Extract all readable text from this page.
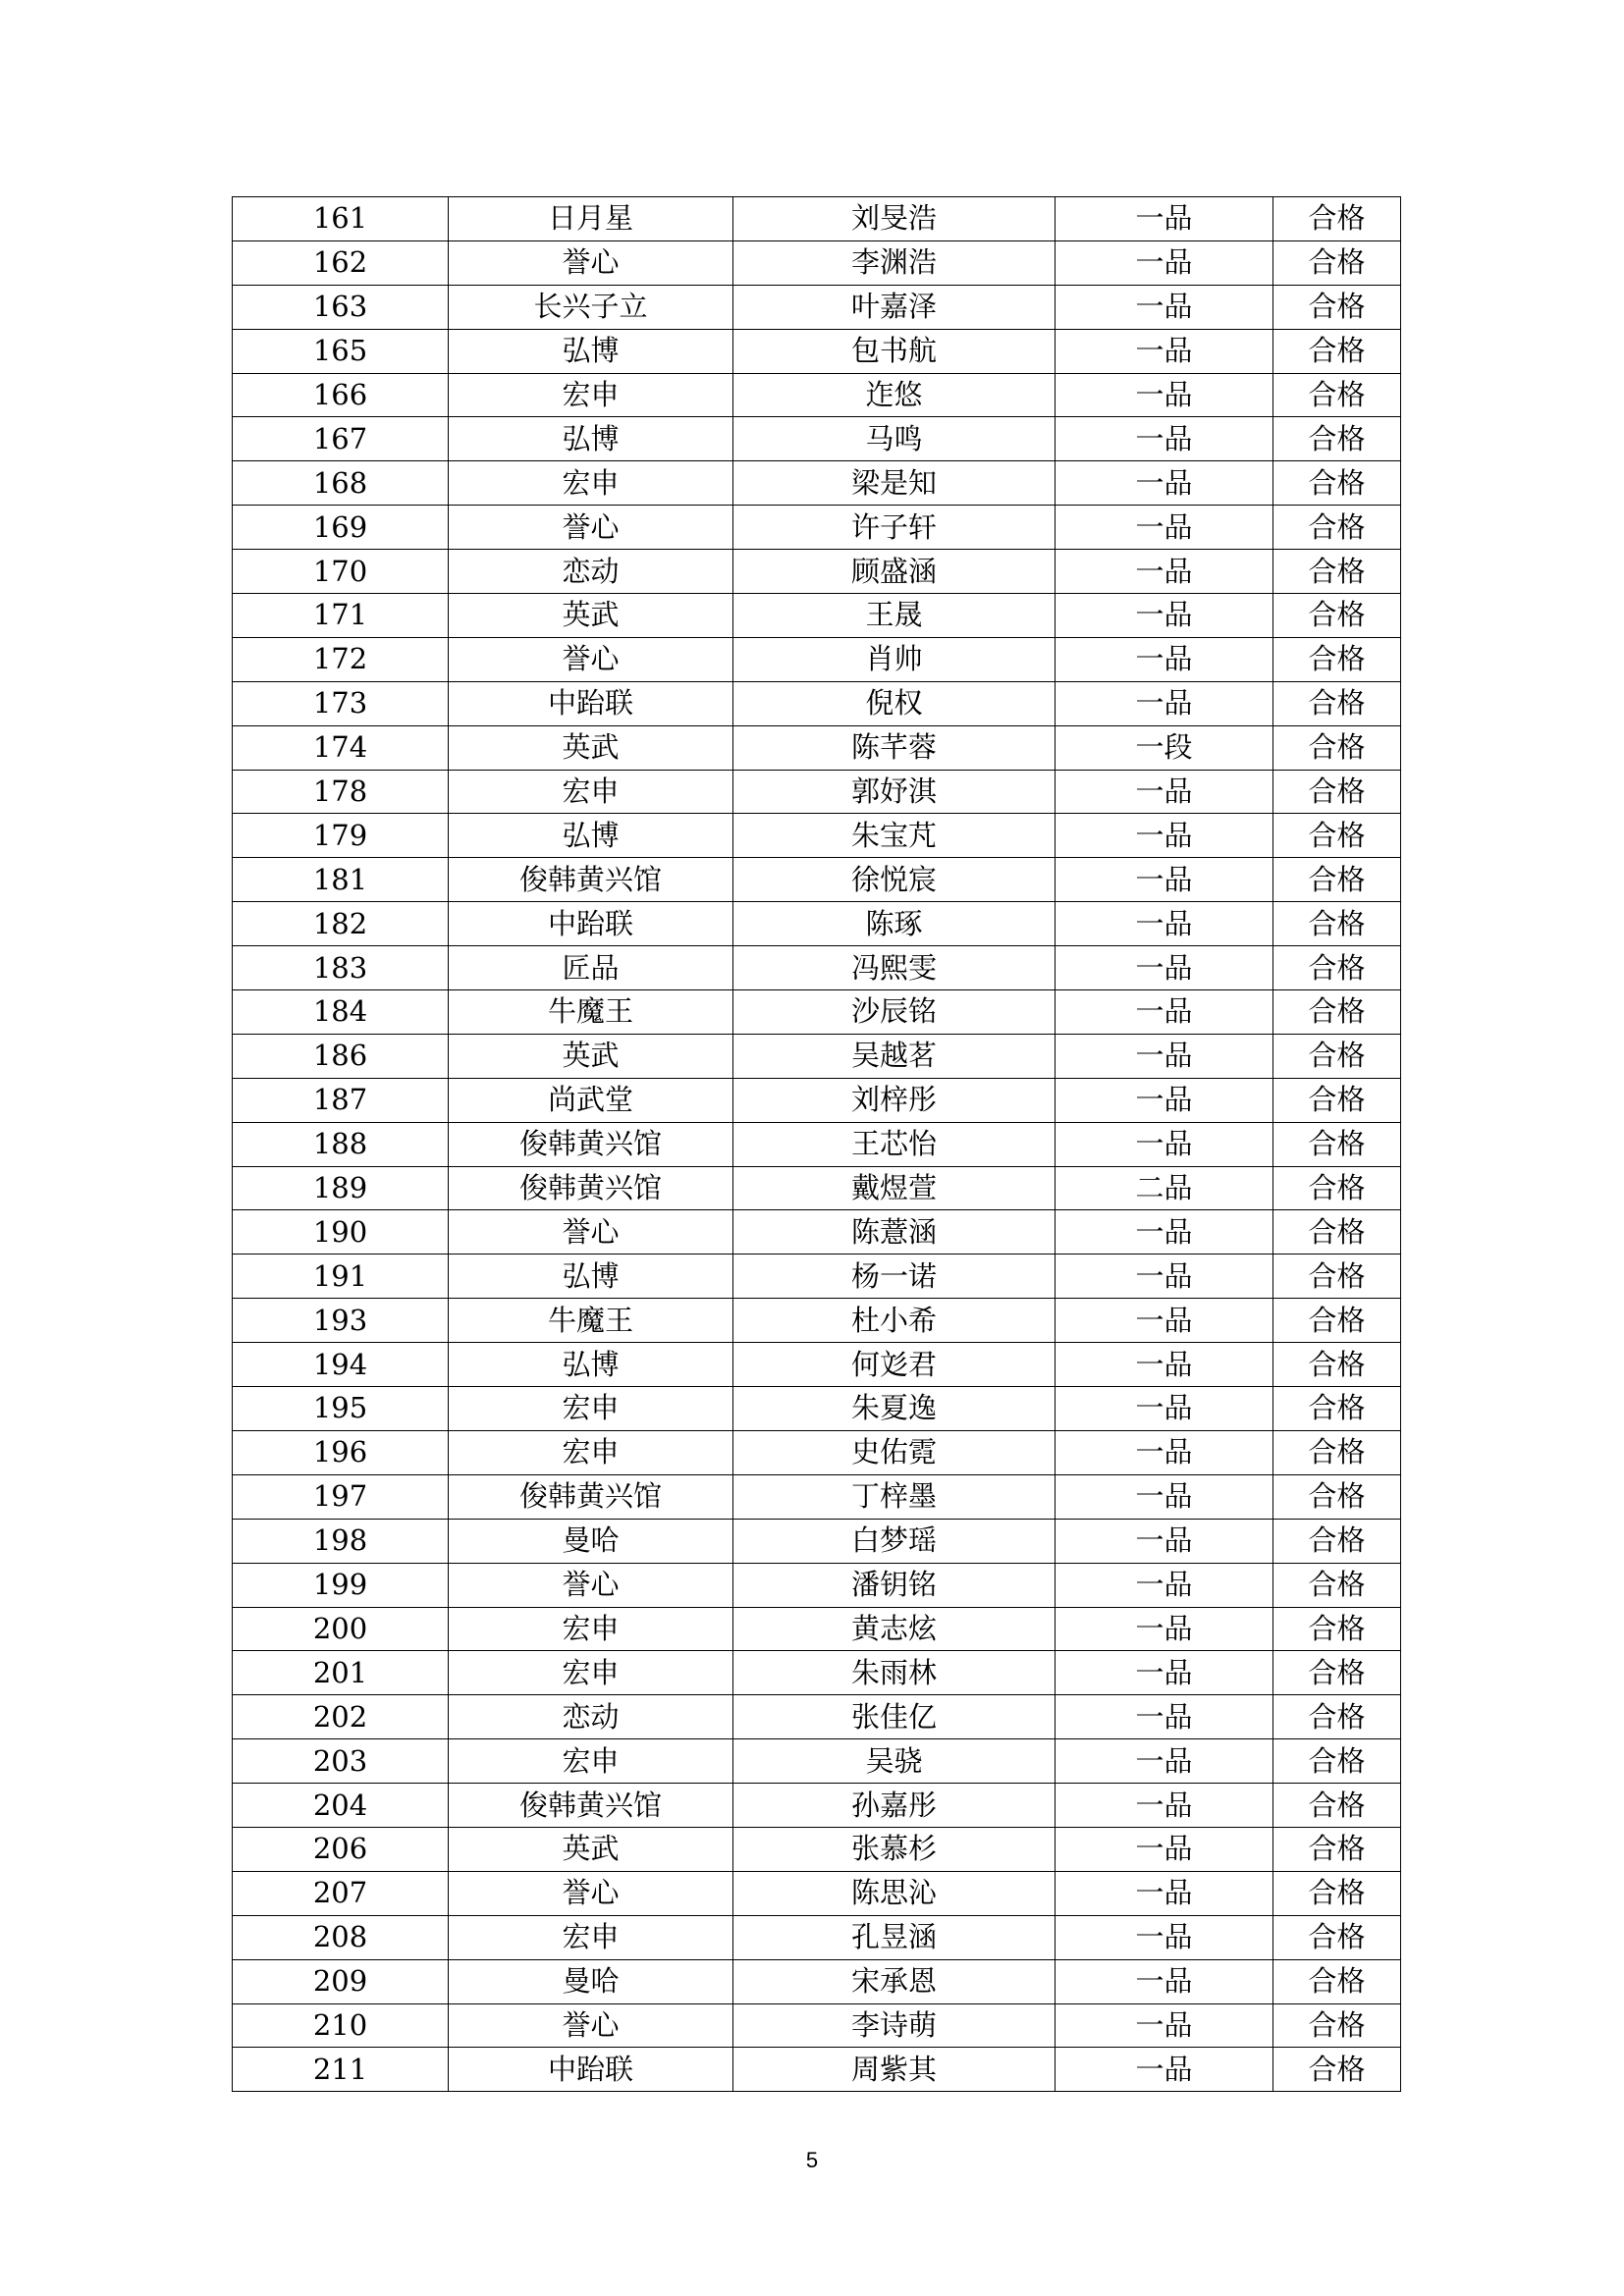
161	日月星	刘旻浩	一品	合格
162	誉心	李渊浩	一品	合格
163	长兴子立	叶嘉泽	一品	合格
165	弘博	包书航	一品	合格
166	宏申	迮悠	一品	合格
167	弘博	马鸣	一品	合格
168	宏申	梁是知	一品	合格
169	誉心	许子轩	一品	合格
170	恋动	顾盛涵	一品	合格
171	英武	王晟	一品	合格
172	誉心	肖帅	一品	合格
173	中跆联	倪权	一品	合格
174	英武	陈芊蓉	一段	合格
178	宏申	郭妤淇	一品	合格
179	弘博	朱宝芃	一品	合格
181	俊韩黄兴馆	徐悦宸	一品	合格
182	中跆联	陈琢	一品	合格
183	匠品	冯熙雯	一品	合格
184	牛魔王	沙辰铭	一品	合格
186	英武	吴越茗	一品	合格
187	尚武堂	刘梓彤	一品	合格
188	俊韩黄兴馆	王芯怡	一品	合格
189	俊韩黄兴馆	戴煜萱	二品	合格
190	誉心	陈薏涵	一品	合格
191	弘博	杨一诺	一品	合格
193	牛魔王	杜小希	一品	合格
194	弘博	何彣君	一品	合格
195	宏申	朱夏逸	一品	合格
196	宏申	史佑霓	一品	合格
197	俊韩黄兴馆	丁梓墨	一品	合格
198	曼哈	白梦瑶	一品	合格
199	誉心	潘钥铭	一品	合格
200	宏申	黄志炫	一品	合格
201	宏申	朱雨林	一品	合格
202	恋动	张佳亿	一品	合格
203	宏申	吴骁	一品	合格
204	俊韩黄兴馆	孙嘉彤	一品	合格
206	英武	张慕杉	一品	合格
207	誉心	陈思沁	一品	合格
208	宏申	孔昱涵	一品	合格
209	曼哈	宋承恩	一品	合格
210	誉心	李诗萌	一品	合格
211	中跆联	周紫其	一品	合格
5
